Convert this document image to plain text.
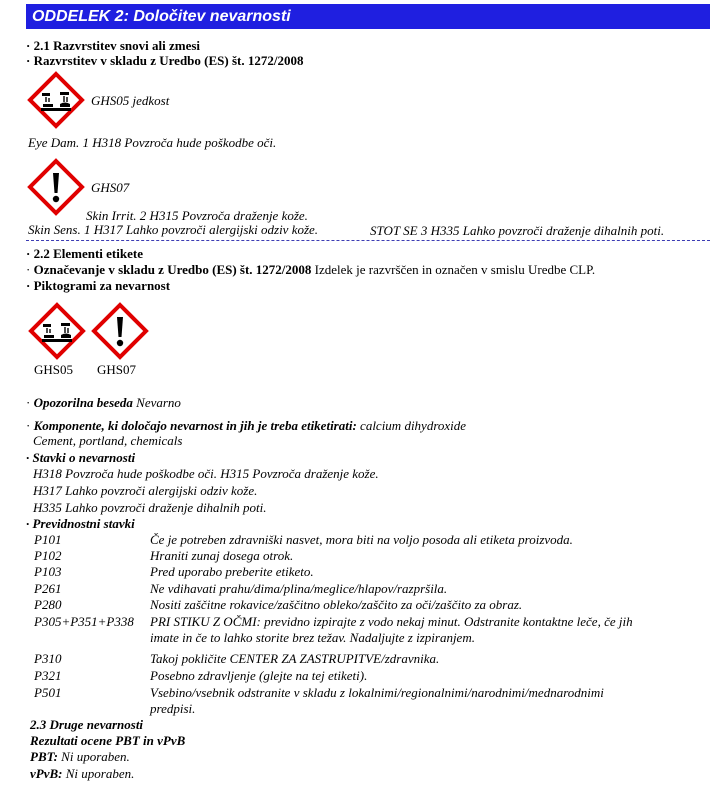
ODDELEK 2: Določitev nevarnosti
· 2.1 Razvrstitev snovi ali zmesi
· Razvrstitev v skladu z Uredbo (ES) št. 1272/2008
GHS05 jedkost
Eye Dam. 1 H318 Povzroča hude poškodbe oči.
GHS07
Skin Irrit. 2 H315 Povzroča draženje kože.
Skin Sens. 1 H317 Lahko povzroči alergijski odziv kože.	STOT SE 3 H335 Lahko povzroči draženje dihalnih poti.
· 2.2 Elementi etikete
· Označevanje v skladu z Uredbo (ES) št. 1272/2008 Izdelek je razvrščen in označen v smislu Uredbe CLP.
· Piktogrami za nevarnost
GHS05 GHS07
· Opozorilna beseda Nevarno
· Komponente, ki določajo nevarnost in jih je treba etiketirati: calcium dihydroxide
Cement, portland, chemicals
· Stavki o nevarnosti
H318 Povzroča hude poškodbe oči. H315 Povzroča draženje kože.
H317 Lahko povzroči alergijski odziv kože.
H335 Lahko povzroči draženje dihalnih poti.
· Previdnostni stavki
P101	Če je potreben zdravniški nasvet, mora biti na voljo posoda ali etiketa proizvoda.
P102	Hraniti zunaj dosega otrok.
P103	Pred uporabo preberite etiketo.
P261	Ne vdihavati prahu/dima/plina/meglice/hlapov/razpršila.
P280	Nositi zaščitne rokavice/zaščitno obleko/zaščito za oči/zaščito za obraz.
P305+P351+P338 PRI STIKU Z OČMI: previdno izpirajte z vodo nekaj minut. Odstranite kontaktne leče, če jih
imate in če to lahko storite brez težav. Nadaljujte z izpiranjem.
P310	Takoj pokličite CENTER ZA ZASTRUPITVE/zdravnika.
P321	Posebno zdravljenje (glejte na tej etiketi).
P501	Vsebino/vsebnik odstranite v skladu z lokalnimi/regionalnimi/narodnimi/mednarodnimi
predpisi.
2.3 Druge nevarnosti
Rezultati ocene PBT in vPvB
PBT: Ni uporaben.
vPvB: Ni uporaben.
